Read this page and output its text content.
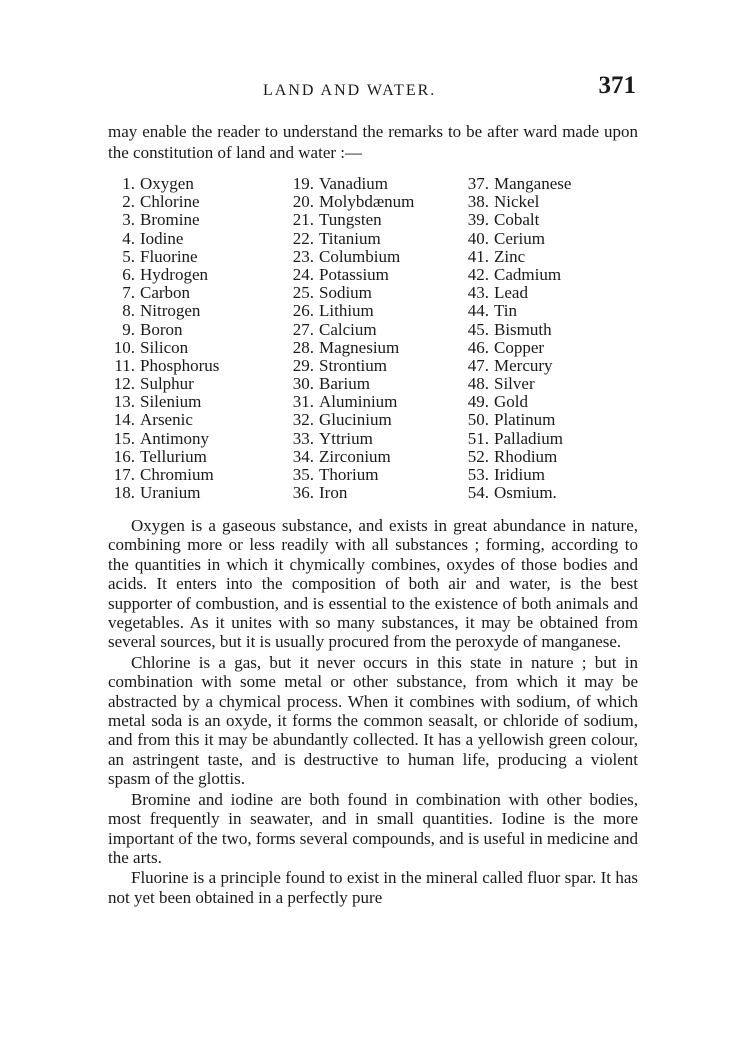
LAND AND WATER.	371

may enable the reader to understand the remarks to be after ward made upon the constitution of land and water :—

1. Oxygen
2. Chlorine
3. Bromine
4. Iodine
5. Fluorine
6. Hydrogen
7. Carbon
8. Nitrogen
9. Boron
10. Silicon
11. Phosphorus
12. Sulphur
13. Silenium
14. Arsenic
15. Antimony
16. Tellurium
17. Chromium
18. Uranium
19. Vanadium
20. Molybdænum
21. Tungsten
22. Titanium
23. Columbium
24. Potassium
25. Sodium
26. Lithium
27. Calcium
28. Magnesium
29. Strontium
30. Barium
31. Aluminium
32. Glucinium
33. Yttrium
34. Zirconium
35. Thorium
36. Iron
37. Manganese
38. Nickel
39. Cobalt
40. Cerium
41. Zinc
42. Cadmium
43. Lead
44. Tin
45. Bismuth
46. Copper
47. Mercury
48. Silver
49. Gold
50. Platinum
51. Palladium
52. Rhodium
53. Iridium
54. Osmium.

Oxygen is a gaseous substance, and exists in great abundance in nature, combining more or less readily with all substances ; forming, according to the quantities in which it chymically combines, oxydes of those bodies and acids. It enters into the composition of both air and water, is the best supporter of combustion, and is essential to the existence of both animals and vegetables. As it unites with so many substances, it may be obtained from several sources, but it is usually procured from the peroxyde of manganese.

Chlorine is a gas, but it never occurs in this state in nature ; but in combination with some metal or other substance, from which it may be abstracted by a chymical process. When it combines with sodium, of which metal soda is an oxyde, it forms the common seasalt, or chloride of sodium, and from this it may be abundantly collected. It has a yellowish green colour, an astringent taste, and is destructive to human life, producing a violent spasm of the glottis.

Bromine and iodine are both found in combination with other bodies, most frequently in seawater, and in small quantities. Iodine is the more important of the two, forms several compounds, and is useful in medicine and the arts.

Fluorine is a principle found to exist in the mineral called fluor spar. It has not yet been obtained in a perfectly pure
